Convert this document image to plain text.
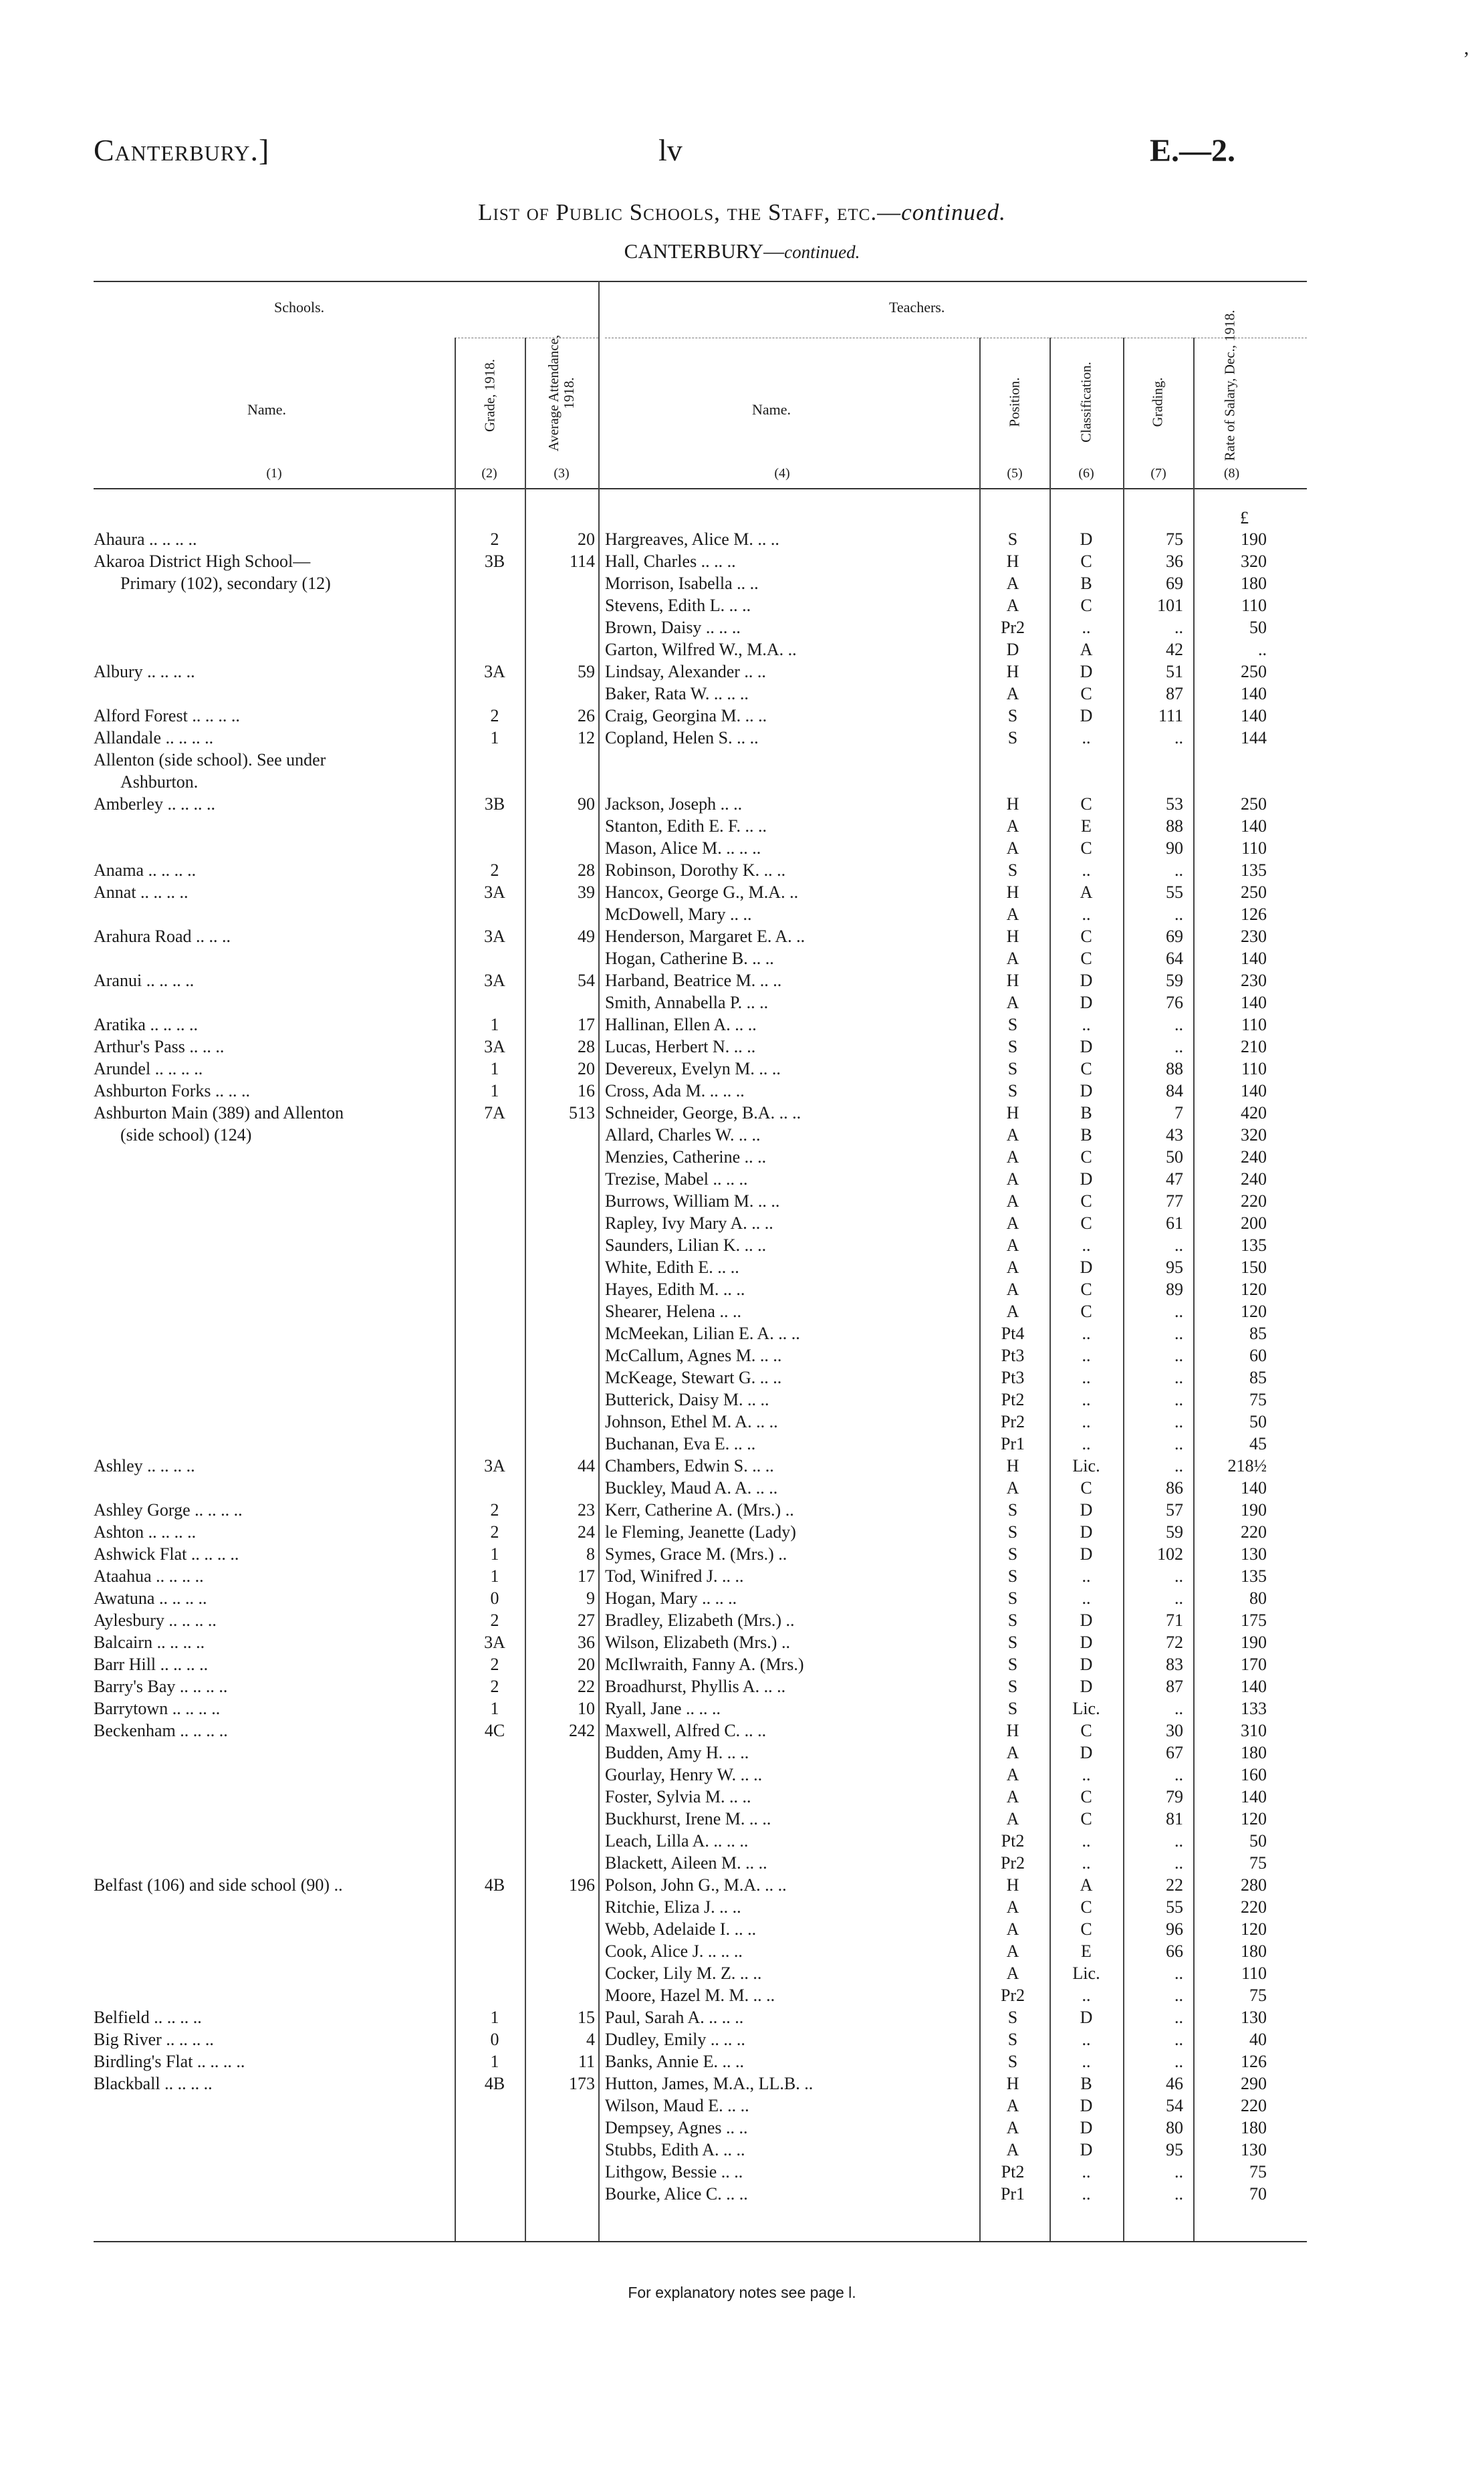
,
Canterbury.]	lv	E.—2.
List of Public Schools, the Staff, etc.—continued.
CANTERBURY—continued.
Schools.	Teachers.
Name.	Name.
Grade, 1918.	Average Attendance, 1918.	Position.	Classification.	Grading.	Rate of Salary, Dec., 1918.
(1)	(2)	(3)	(4)	(5)	(6)	(7)	(8)
£
Ahaura .. .. .. ..	2	20 Hargreaves, Alice M. .. ..	S	D	75	190
Akaroa District High School—	3B	114 Hall, Charles .. .. ..	H	C	36	320
Primary (102), secondary (12)	Morrison, Isabella .. ..	A	B	69	180
Stevens, Edith L. .. ..	A	C	101	110
Brown, Daisy .. .. ..	Pr2	..	..	50
Garton, Wilfred W., M.A. ..	D	A	42	..
Albury .. .. .. ..	3A	59 Lindsay, Alexander .. ..	H	D	51	250
Baker, Rata W. .. .. ..	A	C	87	140
Alford Forest .. .. .. ..	2	26 Craig, Georgina M. .. ..	S	D	111	140
Allandale .. .. .. ..	1	12 Copland, Helen S. .. ..	S	..	..	144
Allenton (side school). See under
Ashburton.
Amberley .. .. .. ..	3B	90 Jackson, Joseph .. ..	H	C	53	250
Stanton, Edith E. F. .. ..	A	E	88	140
Mason, Alice M. .. .. ..	A	C	90	110
Anama .. .. .. ..	2	28 Robinson, Dorothy K. .. ..	S	..	..	135
Annat .. .. .. ..	3A	39 Hancox, George G., M.A. ..	H	A	55	250
McDowell, Mary .. ..	A	..	..	126
Arahura Road .. .. ..	3A	49 Henderson, Margaret E. A. ..	H	C	69	230
Hogan, Catherine B. .. ..	A	C	64	140
Aranui .. .. .. ..	3A	54 Harband, Beatrice M. .. ..	H	D	59	230
Smith, Annabella P. .. ..	A	D	76	140
Aratika .. .. .. ..	1	17 Hallinan, Ellen A. .. ..	S	..	..	110
Arthur's Pass .. .. ..	3A	28 Lucas, Herbert N. .. ..	S	D	..	210
Arundel .. .. .. ..	1	20 Devereux, Evelyn M. .. ..	S	C	88	110
Ashburton Forks .. .. ..	1	16 Cross, Ada M. .. .. ..	S	D	84	140
Ashburton Main (389) and Allenton	7A	513 Schneider, George, B.A. .. ..	H	B	7	420
(side school) (124)	Allard, Charles W. .. ..	A	B	43	320
Menzies, Catherine .. ..	A	C	50	240
Trezise, Mabel .. .. ..	A	D	47	240
Burrows, William M. .. ..	A	C	77	220
Rapley, Ivy Mary A. .. ..	A	C	61	200
Saunders, Lilian K. .. ..	A	..	..	135
White, Edith E. .. ..	A	D	95	150
Hayes, Edith M. .. ..	A	C	89	120
Shearer, Helena .. ..	A	C	..	120
McMeekan, Lilian E. A. .. ..	Pt4	..	..	85
McCallum, Agnes M. .. ..	Pt3	..	..	60
McKeage, Stewart G. .. ..	Pt3	..	..	85
Butterick, Daisy M. .. ..	Pt2	..	..	75
Johnson, Ethel M. A. .. ..	Pr2	..	..	50
Buchanan, Eva E. .. ..	Pr1	..	..	45
Ashley .. .. .. ..	3A	44 Chambers, Edwin S. .. ..	H	Lic.	..	218½
Buckley, Maud A. A. .. ..	A	C	86	140
Ashley Gorge .. .. .. ..	2	23 Kerr, Catherine A. (Mrs.) ..	S	D	57	190
Ashton .. .. .. ..	2	24 le Fleming, Jeanette (Lady)	S	D	59	220
Ashwick Flat .. .. .. ..	1	8 Symes, Grace M. (Mrs.) ..	S	D	102	130
Ataahua .. .. .. ..	1	17 Tod, Winifred J. .. ..	S	..	..	135
Awatuna .. .. .. ..	0	9 Hogan, Mary .. .. ..	S	..	..	80
Aylesbury .. .. .. ..	2	27 Bradley, Elizabeth (Mrs.) ..	S	D	71	175
Balcairn .. .. .. ..	3A	36 Wilson, Elizabeth (Mrs.) ..	S	D	72	190
Barr Hill .. .. .. ..	2	20 McIlwraith, Fanny A. (Mrs.)	S	D	83	170
Barry's Bay .. .. .. ..	2	22 Broadhurst, Phyllis A. .. ..	S	D	87	140
Barrytown .. .. .. ..	1	10 Ryall, Jane .. .. ..	S	Lic.	..	133
Beckenham .. .. .. ..	4C	242 Maxwell, Alfred C. .. ..	H	C	30	310
Budden, Amy H. .. ..	A	D	67	180
Gourlay, Henry W. .. ..	A	..	..	160
Foster, Sylvia M. .. ..	A	C	79	140
Buckhurst, Irene M. .. ..	A	C	81	120
Leach, Lilla A. .. .. ..	Pt2	..	..	50
Blackett, Aileen M. .. ..	Pr2	..	..	75
Belfast (106) and side school (90) ..	4B	196 Polson, John G., M.A. .. ..	H	A	22	280
Ritchie, Eliza J. .. ..	A	C	55	220
Webb, Adelaide I. .. ..	A	C	96	120
Cook, Alice J. .. .. ..	A	E	66	180
Cocker, Lily M. Z. .. ..	A	Lic.	..	110
Moore, Hazel M. M. .. ..	Pr2	..	..	75
Belfield .. .. .. ..	1	15 Paul, Sarah A. .. .. ..	S	D	..	130
Big River .. .. .. ..	0	4 Dudley, Emily .. .. ..	S	..	..	40
Birdling's Flat .. .. .. ..	1	11 Banks, Annie E. .. ..	S	..	..	126
Blackball .. .. .. ..	4B	173 Hutton, James, M.A., LL.B. ..	H	B	46	290
Wilson, Maud E. .. ..	A	D	54	220
Dempsey, Agnes .. ..	A	D	80	180
Stubbs, Edith A. .. ..	A	D	95	130
Lithgow, Bessie .. ..	Pt2	..	..	75
Bourke, Alice C. .. ..	Pr1	..	..	70
For explanatory notes see page l.
